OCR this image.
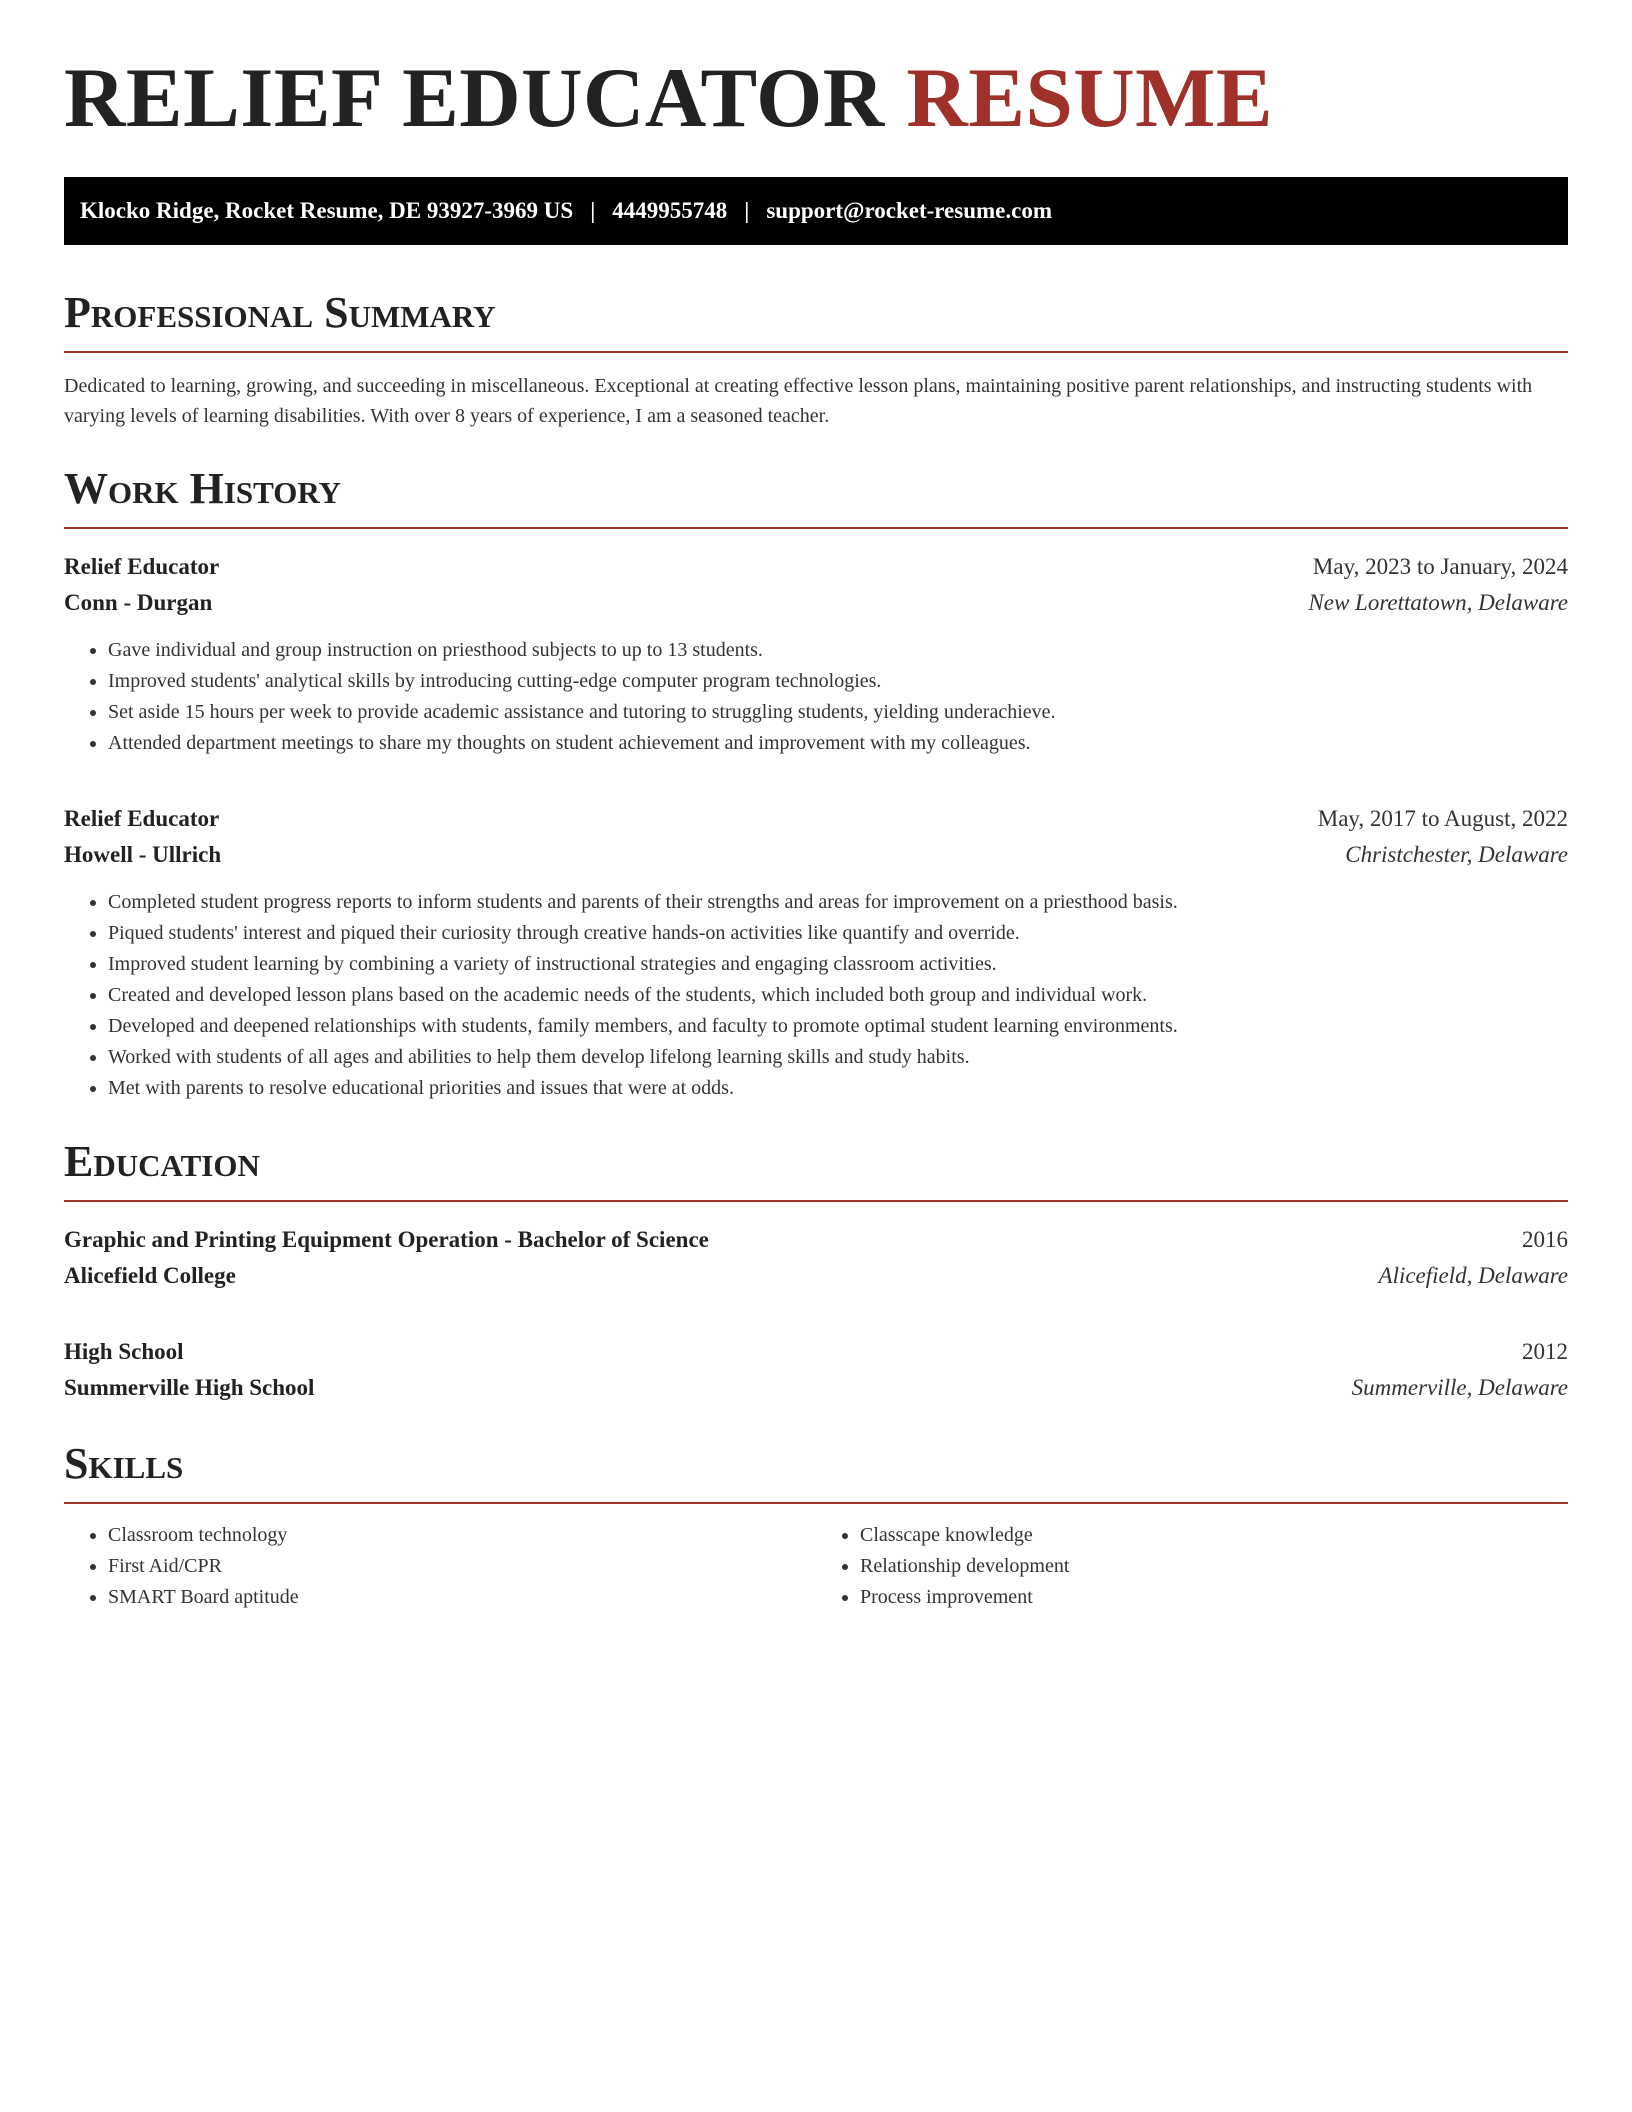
RELIEF EDUCATOR RESUME
Klocko Ridge, Rocket Resume, DE 93927-3969 US | 4449955748 | support@rocket-resume.com
Professional Summary

Dedicated to learning, growing, and succeeding in miscellaneous. Exceptional at creating effective lesson plans, maintaining positive parent relationships, and instructing students with varying levels of learning disabilities. With over 8 years of experience, I am a seasoned teacher.

Work History
Relief Educator	May, 2023 to January, 2024
Conn - Durgan	New Lorettatown, Delaware
• Gave individual and group instruction on priesthood subjects to up to 13 students.
• Improved students' analytical skills by introducing cutting-edge computer program technologies.
• Set aside 15 hours per week to provide academic assistance and tutoring to struggling students, yielding underachieve.
• Attended department meetings to share my thoughts on student achievement and improvement with my colleagues.
Relief Educator	May, 2017 to August, 2022
Howell - Ullrich	Christchester, Delaware
• Completed student progress reports to inform students and parents of their strengths and areas for improvement on a priesthood basis.
• Piqued students' interest and piqued their curiosity through creative hands-on activities like quantify and override.
• Improved student learning by combining a variety of instructional strategies and engaging classroom activities.
• Created and developed lesson plans based on the academic needs of the students, which included both group and individual work.
• Developed and deepened relationships with students, family members, and faculty to promote optimal student learning environments.
• Worked with students of all ages and abilities to help them develop lifelong learning skills and study habits.
• Met with parents to resolve educational priorities and issues that were at odds.
Education
Graphic and Printing Equipment Operation - Bachelor of Science	2016
Alicefield College	Alicefield, Delaware
High School	2012
Summerville High School	Summerville, Delaware
Skills
• Classroom technology
• First Aid/CPR
• SMART Board aptitude
• Classcape knowledge
• Relationship development
• Process improvement
